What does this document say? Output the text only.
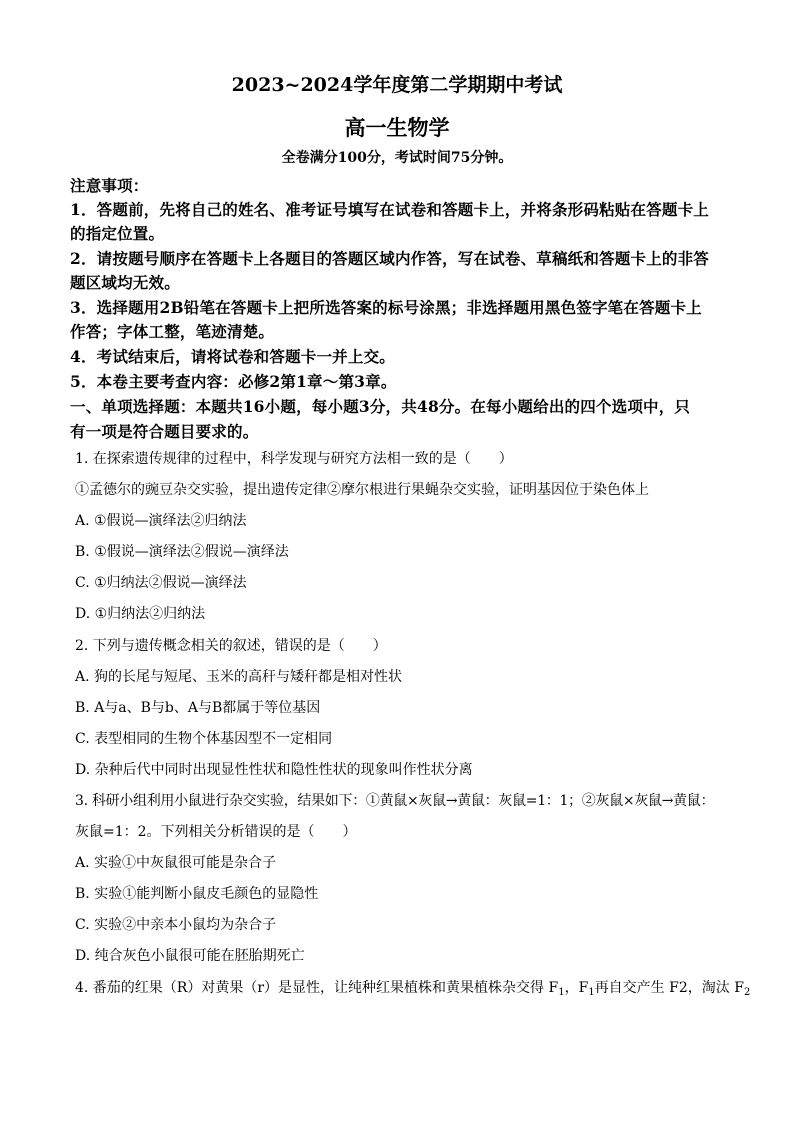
2023~2024学年度第二学期期中考试
高一生物学
全卷满分100分，考试时间75分钟。
注意事项：
1．答题前，先将自己的姓名、准考证号填写在试卷和答题卡上，并将条形码粘贴在答题卡上
的指定位置。
2．请按题号顺序在答题卡上各题目的答题区域内作答，写在试卷、草稿纸和答题卡上的非答
题区域均无效。
3．选择题用2B铅笔在答题卡上把所选答案的标号涂黑；非选择题用黑色签字笔在答题卡上
作答；字体工整，笔迹清楚。
4．考试结束后，请将试卷和答题卡一并上交。
5．本卷主要考查内容：必修2第1章～第3章。
一、单项选择题：本题共16小题，每小题3分，共48分。在每小题给出的四个选项中，只
有一项是符合题目要求的。
1. 在探索遗传规律的过程中，科学发现与研究方法相一致的是（　　）
①孟德尔的豌豆杂交实验，提出遗传定律②摩尔根进行果蝇杂交实验，证明基因位于染色体上
A. ①假说—演绎法②归纳法
B. ①假说—演绎法②假说—演绎法
C. ①归纳法②假说—演绎法
D. ①归纳法②归纳法
2. 下列与遗传概念相关的叙述，错误的是（　　）
A. 狗的长尾与短尾、玉米的高秆与矮秆都是相对性状
B. A与a、B与b、A与B都属于等位基因
C. 表型相同的生物个体基因型不一定相同
D. 杂种后代中同时出现显性性状和隐性性状的现象叫作性状分离
3. 科研小组利用小鼠进行杂交实验，结果如下：①黄鼠×灰鼠→黄鼠：灰鼠=1：1；②灰鼠×灰鼠→黄鼠：
灰鼠=1：2。下列相关分析错误的是（　　）
A. 实验①中灰鼠很可能是杂合子
B. 实验①能判断小鼠皮毛颜色的显隐性
C. 实验②中亲本小鼠均为杂合子
D. 纯合灰色小鼠很可能在胚胎期死亡
4. 番茄的红果（R）对黄果（r）是显性，让纯种红果植株和黄果植株杂交得 $F_1$，$F_1$再自交产生 F2，淘汰 $F_2$
